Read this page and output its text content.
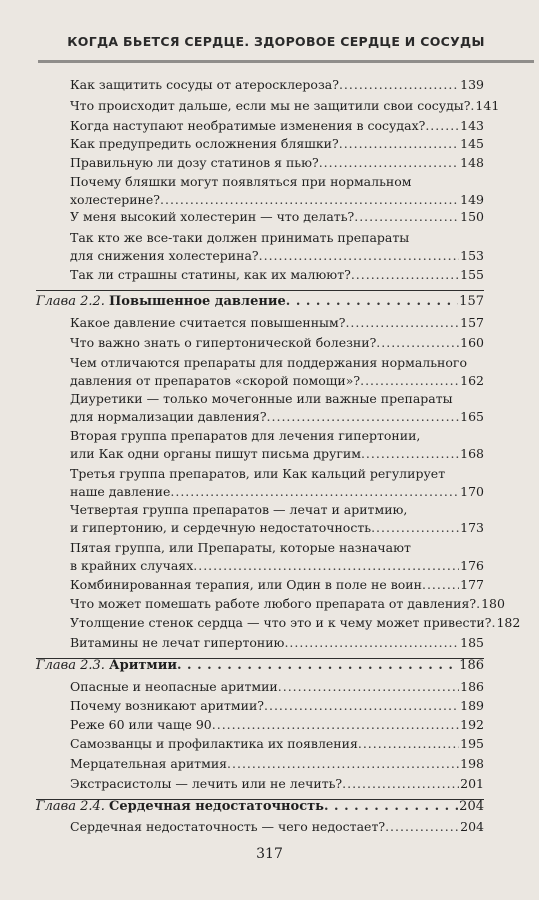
КОГДА БЬЕТСЯ СЕРДЦЕ. ЗДОРОВОЕ СЕРДЦЕ И СОСУДЫ
Как защитить сосуды от атеросклероза? .....	139
Что происходит дальше, если мы не защитили свои сосуды? ..... 141
Когда наступают необратимые изменения в сосудах? .....	143
Как предупредить осложнения бляшки? .....	145
Правильную ли дозу статинов я пью? .....	148
Почему бляшки могут появляться при нормальном
холестерине? .....	149
У меня высокий холестерин — что делать? .....	150
Так кто же все-таки должен принимать препараты
для снижения холестерина? .....	153
Так ли страшны статины, как их малюют? .....	155
Глава 2.2. Повышенное давление . . .	157
Какое давление считается повышенным? .....	157
Что важно знать о гипертонической болезни? .....	160
Чем отличаются препараты для поддержания нормального
давления от препаратов «скорой помощи»? .....	162
Диуретики — только мочегонные или важные препараты
для нормализации давления? .....	165
Вторая группа препаратов для лечения гипертонии,
или Как одни органы пишут письма другим .....	168
Третья группа препаратов, или Как кальций регулирует
наше давление .....	170
Четвертая группа препаратов — лечат и аритмию,
и гипертонию, и сердечную недостаточность .....	173
Пятая группа, или Препараты, которые назначают
в крайних случаях .....	176
Комбинированная терапия, или Один в поле не воин .....	177
Что может помешать работе любого препарата от давления? ..... 180
Утолщение стенок сердца — что это и к чему может привести? ..... 182
Витамины не лечат гипертонию .....	185
Глава 2.3. Аритмии . . .	186
Опасные и неопасные аритмии .....	186
Почему возникают аритмии? .....	189
Реже 60 или чаще 90 .....	192
Самозванцы и профилактика их появления .....	195
Мерцательная аритмия .....	198
Экстрасистолы — лечить или не лечить? .....	201
Глава 2.4. Сердечная недостаточность . . .	204
Сердечная недостаточность — чего недостает? .....	204
317
